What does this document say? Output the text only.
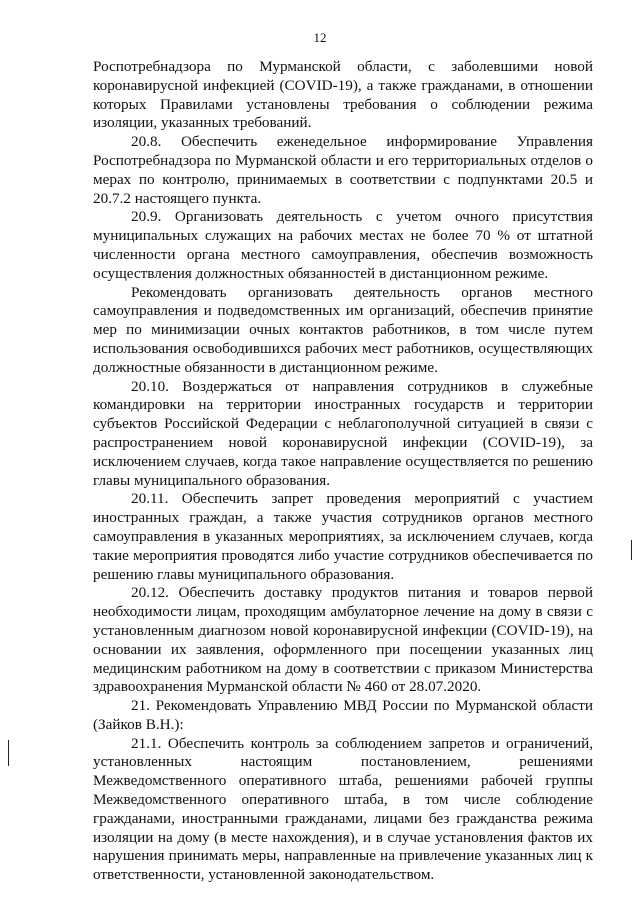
12

Роспотребнадзора по Мурманской области, с заболевшими новой коронавирусной инфекцией (COVID-19), а также гражданами, в отношении которых Правилами установлены требования о соблюдении режима изоляции, указанных требований.

20.8. Обеспечить еженедельное информирование Управления Роспотребнадзора по Мурманской области и его территориальных отделов о мерах по контролю, принимаемых в соответствии с подпунктами 20.5 и 20.7.2 настоящего пункта.

20.9. Организовать деятельность с учетом очного присутствия муниципальных служащих на рабочих местах не более 70 % от штатной численности органа местного самоуправления, обеспечив возможность осуществления должностных обязанностей в дистанционном режиме.

Рекомендовать организовать деятельность органов местного самоуправления и подведомственных им организаций, обеспечив принятие мер по минимизации очных контактов работников, в том числе путем использования освободившихся рабочих мест работников, осуществляющих должностные обязанности в дистанционном режиме.

20.10. Воздержаться от направления сотрудников в служебные командировки на территории иностранных государств и территории субъектов Российской Федерации с неблагополучной ситуацией в связи с распространением новой коронавирусной инфекции (COVID-19), за исключением случаев, когда такое направление осуществляется по решению главы муниципального образования.

20.11. Обеспечить запрет проведения мероприятий с участием иностранных граждан, а также участия сотрудников органов местного самоуправления в указанных мероприятиях, за исключением случаев, когда такие мероприятия проводятся либо участие сотрудников обеспечивается по решению главы муниципального образования.

20.12. Обеспечить доставку продуктов питания и товаров первой необходимости лицам, проходящим амбулаторное лечение на дому в связи с установленным диагнозом новой коронавирусной инфекции (COVID-19), на основании их заявления, оформленного при посещении указанных лиц медицинским работником на дому в соответствии с приказом Министерства здравоохранения Мурманской области № 460 от 28.07.2020.

21. Рекомендовать Управлению МВД России по Мурманской области (Зайков В.Н.):

21.1. Обеспечить контроль за соблюдением запретов и ограничений, установленных настоящим постановлением, решениями Межведомственного оперативного штаба, решениями рабочей группы Межведомственного оперативного штаба, в том числе соблюдение гражданами, иностранными гражданами, лицами без гражданства режима изоляции на дому (в месте нахождения), и в случае установления фактов их нарушения принимать меры, направленные на привлечение указанных лиц к ответственности, установленной законодательством.
